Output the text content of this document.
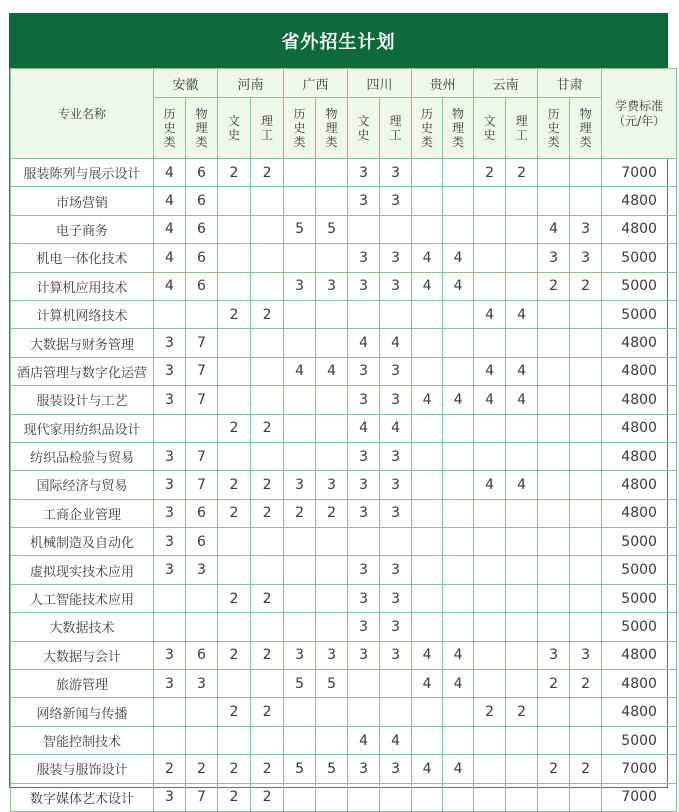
省外招生计划
专业名称	安徽		河南		广西		四川		贵州		云南		甘肃		学费标准（元/年）
	历史类	物理类	文史	理工	历史类	物理类	文史	理工	历史类	物理类	文史	理工	历史类	物理类	
服装陈列与展示设计	4	6	2	2			3	3			2	2			7000
市场营销	4	6					3	3							4800
电子商务	4	6			5	5							4	3	4800
机电一体化技术	4	6					3	3	4	4			3	3	5000
计算机应用技术	4	6			3	3	3	3	4	4			2	2	5000
计算机网络技术			2	2							4	4			5000
大数据与财务管理	3	7					4	4							4800
酒店管理与数字化运营	3	7			4	4	3	3			4	4			4800
服装设计与工艺	3	7					3	3	4	4	4	4			4800
现代家用纺织品设计			2	2			4	4							4800
纺织品检验与贸易	3	7					3	3							4800
国际经济与贸易	3	7	2	2	3	3	3	3			4	4			4800
工商企业管理	3	6	2	2	2	2	3	3							4800
机械制造及自动化	3	6													5000
虚拟现实技术应用	3	3					3	3							5000
人工智能技术应用			2	2			3	3							5000
大数据技术							3	3							5000
大数据与会计	3	6	2	2	3	3	3	3	4	4			3	3	4800
旅游管理	3	3			5	5			4	4			2	2	4800
网络新闻与传播			2	2							2	2			4800
智能控制技术							4	4							5000
服装与服饰设计	2	2	2	2	5	5	3	3	4	4			2	2	7000
数字媒体艺术设计	3	7	2	2											7000
